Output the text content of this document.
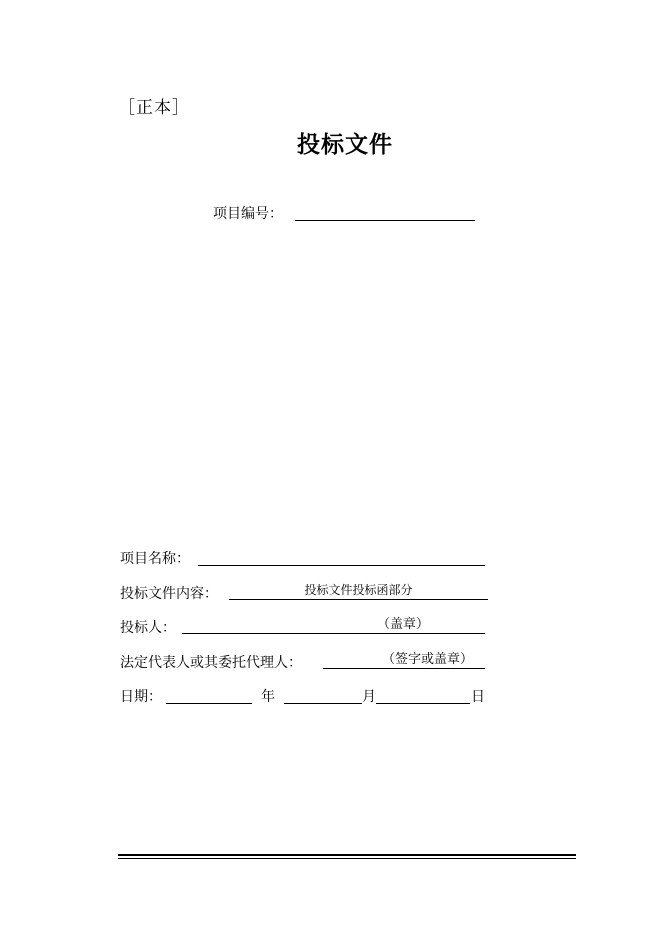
［正本］
投标文件
项目编号：
项目名称：
投标文件内容：	投标文件投标函部分
投标人：	（盖章）
法定代表人或其委托代理人：	（签字或盖章）
日期：	年	月	日
